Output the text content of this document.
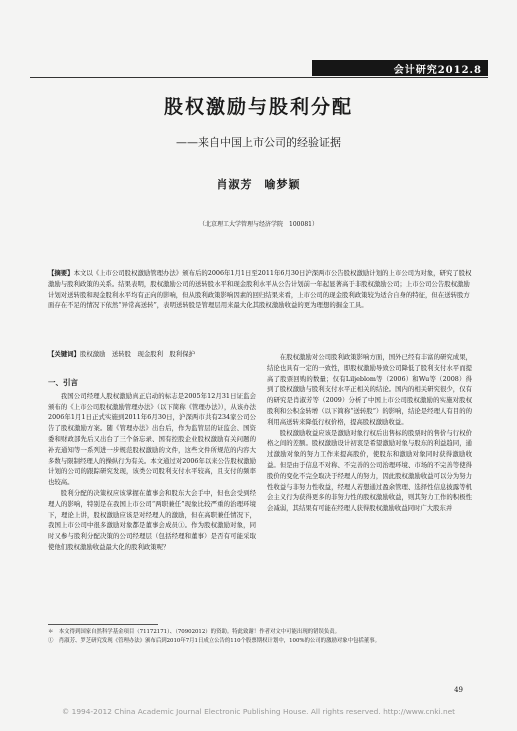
会计研究2012.8
股权激励与股利分配
——来自中国上市公司的经验证据
肖淑芳　喻梦颖
（北京理工大学管理与经济学院　100081）
【摘要】本文以《上市公司股权激励管理办法》颁布后的2006年1月1日至2011年6月30日沪深两市公告股权激励计划的上市公司为对象，研究了股权激励与股利政策的关系。结果表明，股权激励公司的送转股水平和现金股利水平从公告计划前一年起显著高于非股权激励公司；上市公司公告股权激励计划对送转股和现金股利水平均有正向的影响，但从股利政策影响因素的回归结果来看，上市公司的现金股利政策较为适合自身的特征，但在送转股方面存在不足的情况下依然“异常高送转”，表明送转股是管理层用来最大化其股权激励收益的更为理想的掘金工具。
【关键词】股权激励　送转股　现金股利　股利保护
一、引言

我国公司经理人股权激励真正启动的标志是2005年12月31日证监会颁布的《上市公司股权激励管理办法》（以下简称《管理办法》），从该办法2006年1月1日正式实施到2011年6月30日，沪深两市共有234家公司公告了股权激励方案。随《管理办法》出台后，作为监管层的证监会、国资委和财政部先后又出台了三个备忘录、国有控股企业股权激励有关问题的补充通知等一系列进一步规范股权激励的文件，这些文件所规范的内容大多数与限制经理人的操纵行为有关。本文通过对2006年以来公告股权激励计划的公司的跟踪研究发现，该类公司股利支付水平较高，且支付的频率也较高。

股利分配的决策权应该掌握在董事会和股东大会手中，但也会受到经理人的影响，特别是在我国上市公司“两职兼任”现象比较严重的治理环境下，理论上讲，股权激励应该是对经理人的激励，但在高职兼任情况下，我国上市公司中很多激励对象都是董事会成员①。作为股权激励对象，同时又参与股利分配决策的公司经理层（包括经理和董事）是否有可能采取使他们股权激励收益最大化的股利政策呢？

在股权激励对公司股利政策影响方面，国外已经有丰富的研究成果，结论也具有一定的一致性，即股权激励导致公司降低了股利支付水平而提高了股票回购的数量；仅有Liljeblom等（2006）和Wu等（2008）得到了股权激励与股利支付水平正相关的结论。国内的相关研究很少，仅有的研究是肖淑芳等（2009）分析了中国上市公司股权激励的实施对股权股利和公积金转增（以下简称“送转股”）的影响，结论是经理人有目的的利用高送转来降低行权价格，提高股权激励收益。

股权激励收益应该是激励对象行权后出售标的股票时的售价与行权价格之间的差额。股权激励设计初衷是希望激励对象与股东的利益趋同，通过激励对象的努力工作来提高股价，使股东和激励对象同时获得激励收益。但是由于信息不对称、不完善的公司治理环境、市场的不完善等使得股价的变化不完全取决于经理人的努力，因此股权激励收益可以分为努力性收益与非努力性收益，经理人若想通过盈余管理、选择性信息披露等机会主义行为获得更多的非努力性的股权激励收益，则其努力工作的积极性会减弱，其结果有可能在经理人获得股权激励收益同时广大股东并

＊　本文得到国家自然科学基金项目（71172171）、（70902012）的资助。特此致谢！作者对文中可能出现的错误负责。
①　肖淑芳、罗芝研究发现《管理办法》颁布后到2010年7月1日成立公告的110个股票期权计划中，100%的公司的激励对象中包括董事。
49
© 1994-2012 China Academic Journal Electronic Publishing House. All rights reserved. http://www.cnki.net
